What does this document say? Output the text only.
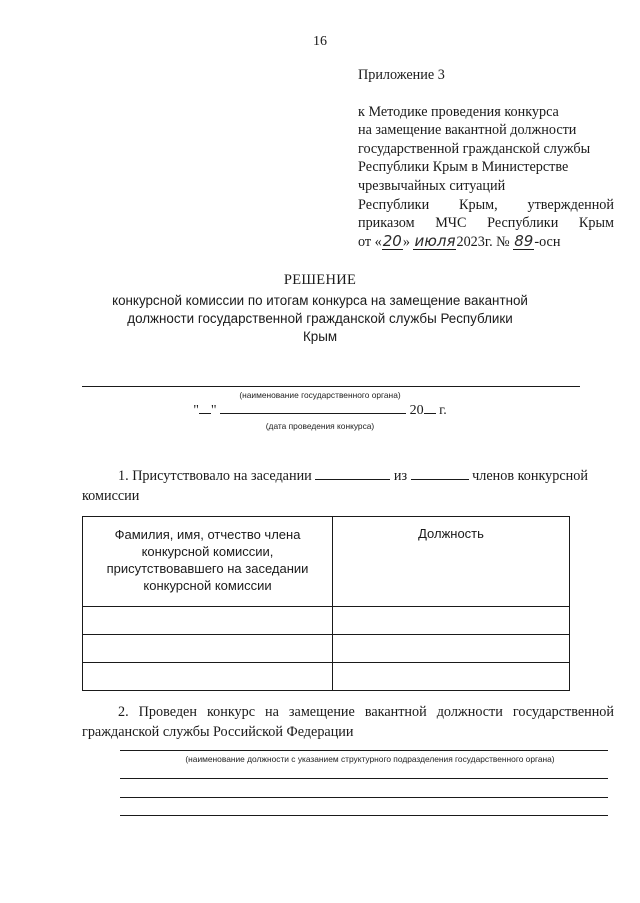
16
Приложение 3
к Методике проведения конкурса
на замещение вакантной должности
государственной гражданской службы
Республики Крым в Министерстве
чрезвычайных ситуаций
Республики Крым, утвержденной
приказом МЧС Республики Крым
от «20» июля2023г. № 89-осн
РЕШЕНИЕ
конкурсной комиссии по итогам конкурса на замещение вакантной должности государственной гражданской службы Республики Крым
(наименование государственного органа)
" "	20 г.
(дата проведения конкурса)
1. Присутствовало на заседании	из	членов конкурсной комиссии
Фамилия, имя, отчество члена конкурсной комиссии, присутствовавшего на заседании конкурсной комиссии	Должность

2. Проведен конкурс на замещение вакантной должности государственной гражданской службы Российской Федерации
(наименование должности с указанием структурного подразделения государственного органа)
